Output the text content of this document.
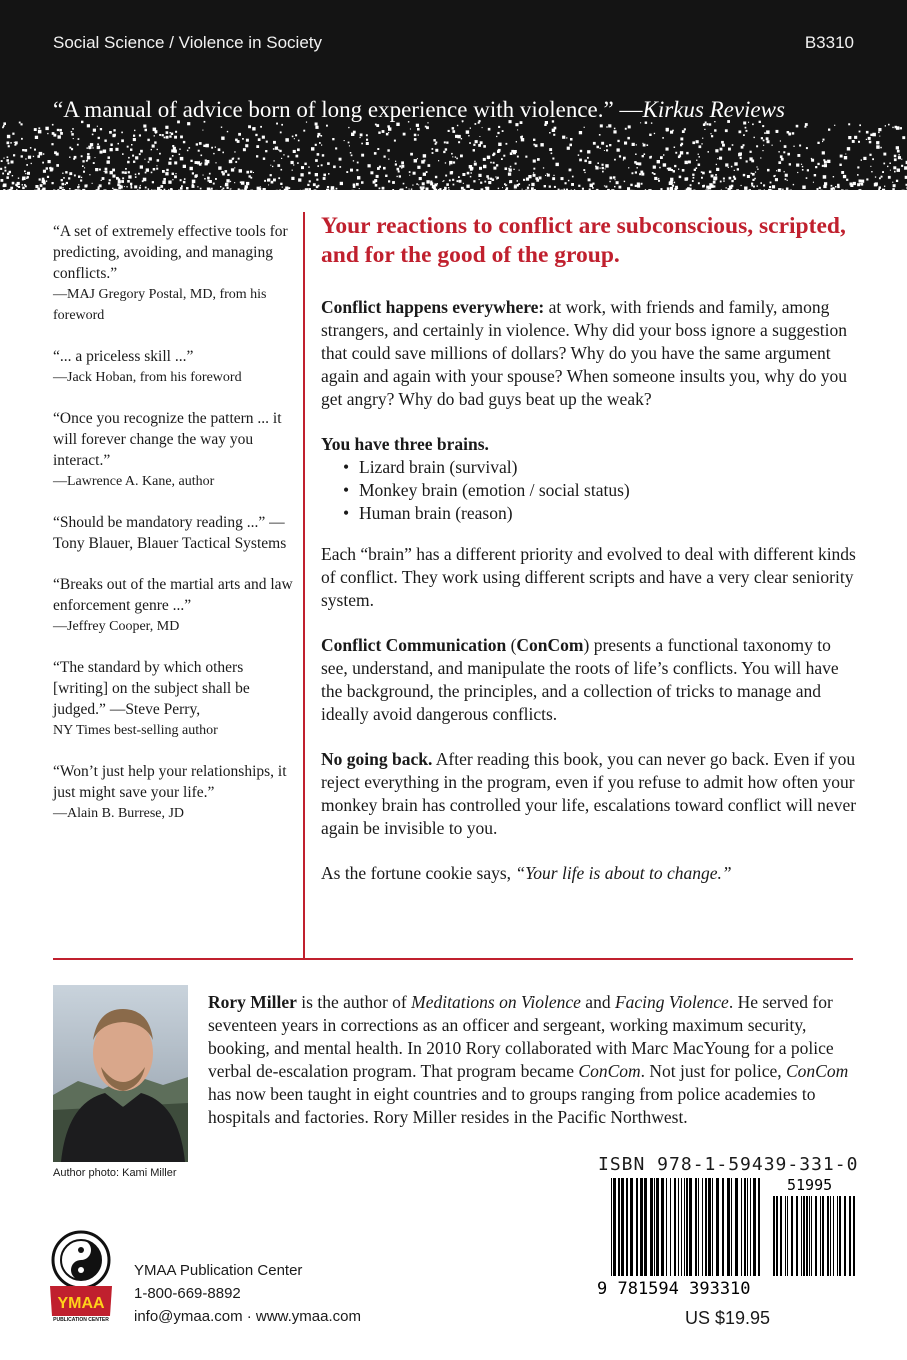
Social Science / Violence in Society	B3310
“A manual of advice born of long experience with violence.” —Kirkus Reviews
“A set of extremely effective tools for predicting, avoiding, and managing conflicts.”
—MAJ Gregory Postal, MD, from his foreword
“... a priceless skill ...”
—Jack Hoban, from his foreword
“Once you recognize the pattern ... it will forever change the way you interact.”
—Lawrence A. Kane, author
“Should be mandatory reading ...” —Tony Blauer, Blauer Tactical Systems
“Breaks out of the martial arts and law enforcement genre ...”
—Jeffrey Cooper, MD
“The standard by which others [writing] on the subject shall be judged.” —Steve Perry,
NY Times best-selling author
“Won’t just help your relationships, it just might save your life.”
—Alain B. Burrese, JD

Your reactions to conflict are subconscious, scripted, and for the good of the group.

Conflict happens everywhere: at work, with friends and family, among strangers, and certainly in violence. Why did your boss ignore a suggestion that could save millions of dollars? Why do you have the same argument again and again with your spouse? When someone insults you, why do you get angry? Why do bad guys beat up the weak?

You have three brains.
• Lizard brain (survival)
• Monkey brain (emotion / social status)
• Human brain (reason)

Each “brain” has a different priority and evolved to deal with different kinds of conflict. They work using different scripts and have a very clear seniority system.

Conflict Communication (ConCom) presents a functional taxonomy to see, understand, and manipulate the roots of life’s conflicts. You will have the background, the principles, and a collection of tricks to manage and ideally avoid dangerous conflicts.

No going back. After reading this book, you can never go back. Even if you reject everything in the program, even if you refuse to admit how often your monkey brain has controlled your life, escalations toward conflict will never again be invisible to you.

As the fortune cookie says, “Your life is about to change.”

Author photo: Kami Miller
Rory Miller is the author of Meditations on Violence and Facing Violence. He served for seventeen years in corrections as an officer and sergeant, working maximum security, booking, and mental health. In 2010 Rory collaborated with Marc MacYoung for a police verbal de-escalation program. That program became ConCom. Not just for police, ConCom has now been taught in eight countries and to groups ranging from police academies to hospitals and factories. Rory Miller resides in the Pacific Northwest.
YMAA
PUBLICATION CENTER
YMAA Publication Center
1-800-669-8892
info@ymaa.com · www.ymaa.com
ISBN 978-1-59439-331-0
51995
9 781594 393310
US $19.95
